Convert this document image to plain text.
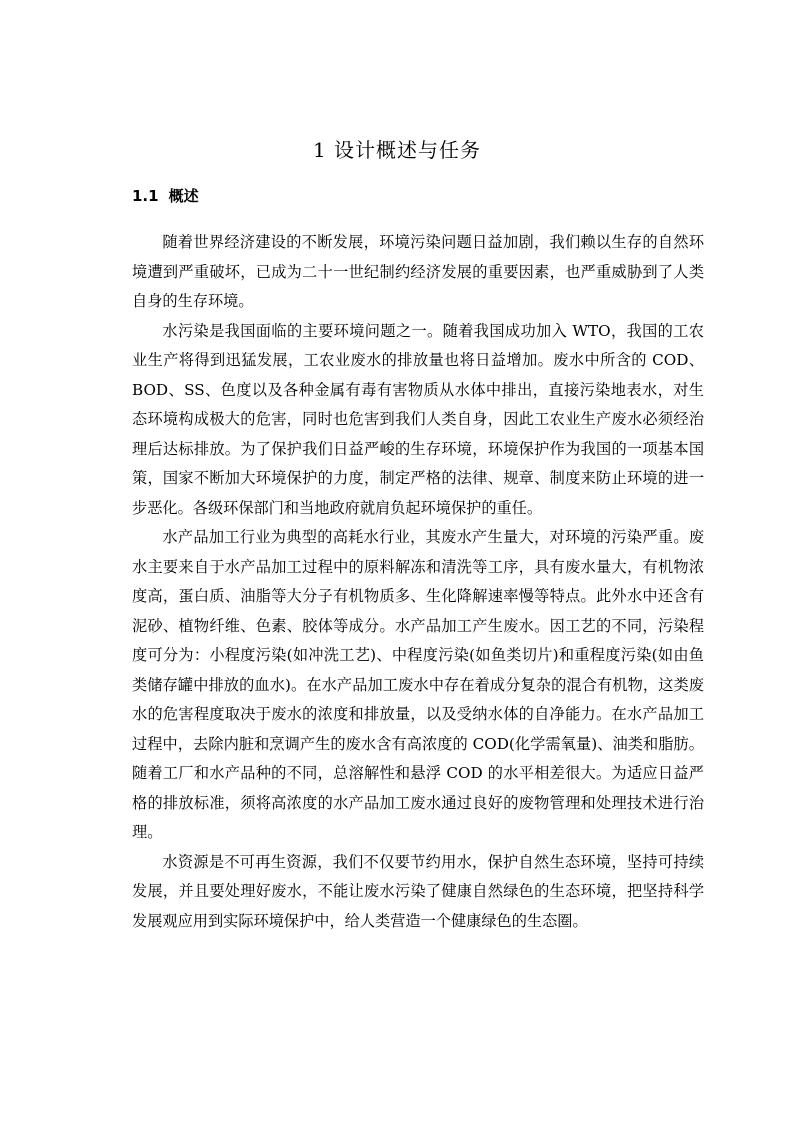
1 设计概述与任务
1.1 概述

随着世界经济建设的不断发展，环境污染问题日益加剧，我们赖以生存的自然环境遭到严重破坏，已成为二十一世纪制约经济发展的重要因素，也严重威胁到了人类自身的生存环境。

水污染是我国面临的主要环境问题之一。随着我国成功加入 WTO，我国的工农业生产将得到迅猛发展，工农业废水的排放量也将日益增加。废水中所含的 COD、BOD、SS、色度以及各种金属有毒有害物质从水体中排出，直接污染地表水，对生态环境构成极大的危害，同时也危害到我们人类自身，因此工农业生产废水必须经治理后达标排放。为了保护我们日益严峻的生存环境，环境保护作为我国的一项基本国策，国家不断加大环境保护的力度，制定严格的法律、规章、制度来防止环境的进一步恶化。各级环保部门和当地政府就肩负起环境保护的重任。

水产品加工行业为典型的高耗水行业，其废水产生量大，对环境的污染严重。废水主要来自于水产品加工过程中的原料解冻和清洗等工序，具有废水量大，有机物浓度高，蛋白质、油脂等大分子有机物质多、生化降解速率慢等特点。此外水中还含有泥砂、植物纤维、色素、胶体等成分。水产品加工产生废水。因工艺的不同，污染程度可分为：小程度污染(如冲洗工艺)、中程度污染(如鱼类切片)和重程度污染(如由鱼类储存罐中排放的血水)。在水产品加工废水中存在着成分复杂的混合有机物，这类废水的危害程度取决于废水的浓度和排放量，以及受纳水体的自净能力。在水产品加工过程中，去除内脏和烹调产生的废水含有高浓度的 COD(化学需氧量)、油类和脂肪。随着工厂和水产品种的不同，总溶解性和悬浮 COD 的水平相差很大。为适应日益严格的排放标准，须将高浓度的水产品加工废水通过良好的废物管理和处理技术进行治理。

水资源是不可再生资源，我们不仅要节约用水，保护自然生态环境，坚持可持续发展，并且要处理好废水，不能让废水污染了健康自然绿色的生态环境，把坚持科学发展观应用到实际环境保护中，给人类营造一个健康绿色的生态圈。
